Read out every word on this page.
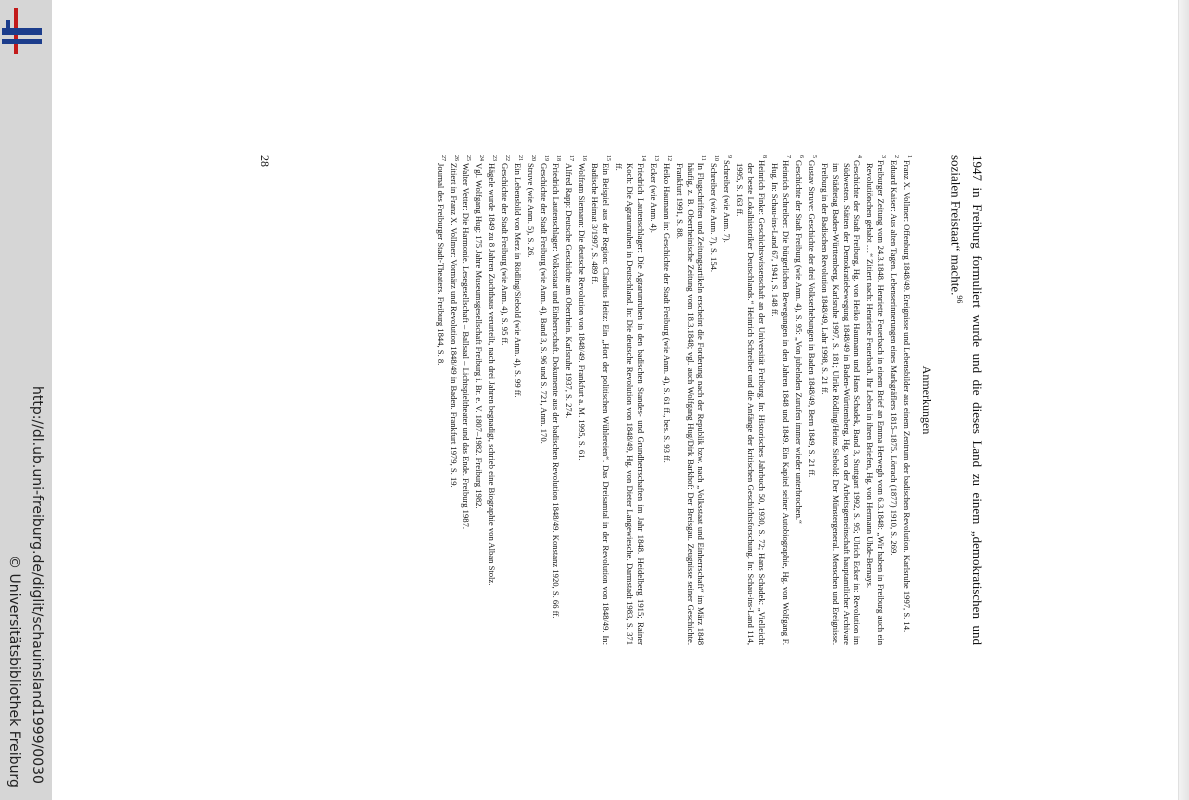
http://dl.ub.uni-freiburg.de/diglit/schauinsland1999/0030
© Universitätsbibliothek Freiburg
1947 in Freiburg formuliert wurde und die dieses Land zu einem „demokratischen und sozialen Freistaat“ machte.$^{96}$
Anmerkungen

$^1$Franz X. Vollmer: Offenburg 1848/49. Ereignisse und Lebensbilder aus einem Zentrum der badischen Revolution. Karlsruhe 1997, S. 14.

$^2$Eduard Kaiser: Aus alten Tagen. Lebenserinnerungen eines Markgräflers 1815–1875. Lörrach (1877) 1910, S. 269.

$^3$Freiburger Zeitung vom 24.3.1848. Henriette Feuerbach in einem Brief an Emma Herwegh vom 6.3.1848: „Wir haben in Freiburg auch ein Revolutiönchen gehabt …“ Zitiert nach: Henriette Feuerbach. Ihr Leben in ihren Briefen, Hg. von Hermann Uhde-Bernays.

$^4$Geschichte der Stadt Freiburg, Hg. von Heiko Haumann und Hans Schadek, Band 3, Stuttgart 1992, S. 95; Ulrich Ecker in: Revolution im Südwesten. Stätten der Demokratiebewegung 1848/49 in Baden-Württemberg, Hg. von der Arbeitsgemeinschaft hauptamtlicher Archivare im Städtetag Baden-Württemberg, Karlsruhe 1997, S. 181; Ulrike Rödling/Heinz Siebold: Der Münstergeneral. Menschen und Ereignisse. Freiburg in der Badischen Revolution 1848/49, Lahr 1998, S. 21 ff.

$^5$Gustav Struve: Geschichte der drei Volkserhebungen in Baden 1848/49, Bern 1849, S. 21 ff.

$^6$Geschichte der Stadt Freiburg (wie Anm. 4), S. 95: „Von jubelnden Zurufen immer wieder unterbrochen.“

$^7$Heinrich Schreiber: Die bürgerlichen Bewegungen in den Jahren 1848 und 1849. Ein Kapitel seiner Autobiographie, Hg. von Wolfgang F. Hug. In: Schau-ins-Land 67, 1941, S. 148 ff.

$^8$Heinrich Finke: Geschichtswissenschaft an der Universität Freiburg. In: Historisches Jahrbuch 50, 1930, S. 72; Hans Schadek: „Vielleicht der beste Lokalhistoriker Deutschlands.“ Heinrich Schreiber und die Anfänge der kritischen Geschichtsforschung. In: Schau-ins-Land 114, 1995, S. 163 ff.

$^9$Schreiber (wie Anm. 7).

$^{10}$Schreiber (wie Anm. 7), S. 154.

$^{11}$In Flugschriften und Zeitungsartikeln erscheint die Forderung nach der Republik bzw. nach „Volksstaat und Einherrschaft“ im März 1848 häufig, z. B. Oberrheinische Zeitung vom 18.3.1848; vgl. auch Wolfgang Hug/Dirk Barkhof: Der Breisgau. Zeugnisse seiner Geschichte. Frankfurt 1991, S. 88.

$^{12}$Heiko Haumann in: Geschichte der Stadt Freiburg (wie Anm. 4), S. 61 ff., bes. S. 93 ff.

$^{13}$Ecker (wie Anm. 4).

$^{14}$Friedrich Lautenschlager: Die Agrarunruhen in den badischen Standes- und Grundherrschaften im Jahr 1848. Heidelberg 1915; Rainer Koch: Die Agrarunruhen in Deutschland. In: Die deutsche Revolution von 1848/49, Hg. von Dieter Langewiesche. Darmstadt 1983, S. 371 ff.

$^{15}$Ein Beispiel aus der Region: Claudius Heitz: Ein „Hort der politischen Wühlereien“. Das Dreisamtal in der Revolution von 1848/49. In: Badische Heimat 3/1997, S. 489 ff.

$^{16}$Wolfram Siemann: Die deutsche Revolution von 1848/49. Frankfurt a. M. 1995, S. 61.

$^{17}$Alfred Rapp: Deutsche Geschichte am Oberrhein. Karlsruhe 1937, S. 274.

$^{18}$Friedrich Lautenschlager: Volksstaat und Einherrschaft. Dokumente aus der badischen Revolution 1848/49. Konstanz 1920, S. 66 ff.

$^{19}$Geschichte der Stadt Freiburg (wie Anm. 4), Band 3, S. 96 und S. 721, Anm. 170.

$^{20}$Struve (wie Anm. 5), S. 26.

$^{21}$Ein Lebensbild von Merz in Rödling/Siebold (wie Anm. 4), S. 99 ff.

$^{22}$Geschichte der Stadt Freiburg (wie Anm. 4), S. 95 ff.

$^{23}$Hägele wurde 1849 zu 8 Jahren Zuchthaus verurteilt, nach drei Jahren begnadigt, schrieb eine Biographie von Alban Stolz.

$^{24}$Vgl. Wolfgang Hug: 175 Jahre Museumsgesellschaft Freiburg i. Br. e. V. 1807–1982. Freiburg 1982.

$^{25}$Walter Vetter: Die Harmonie. Lesegesellschaft – Ballsaal – Lichtspieltheater und das Ende. Freiburg 1987.

$^{26}$Zitiert in Franz X. Vollmer: Vormärz und Revolution 1848/49 in Baden. Frankfurt 1979, S. 19.

$^{27}$Journal des Freiburger Stadt-Theaters. Freiburg 1844, S. 8.

28
